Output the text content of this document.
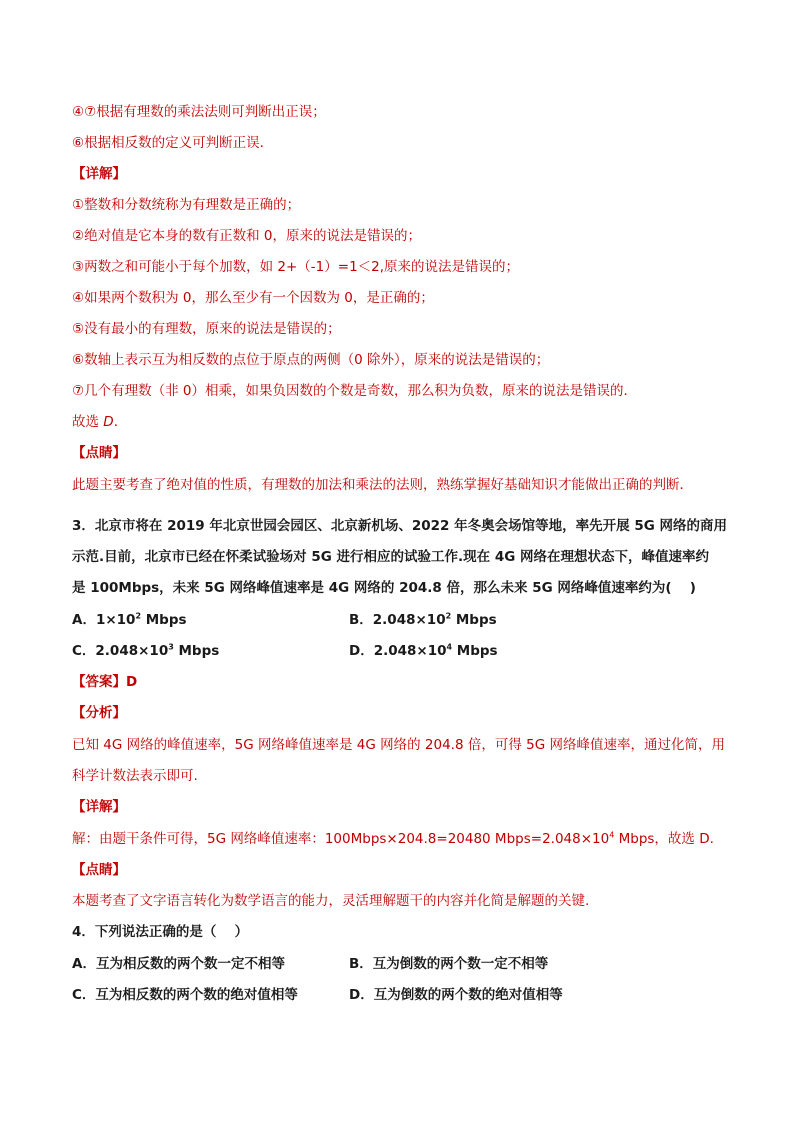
④⑦根据有理数的乘法法则可判断出正误；
⑥根据相反数的定义可判断正误．
【详解】
①整数和分数统称为有理数是正确的；
②绝对值是它本身的数有正数和 0，原来的说法是错误的；
③两数之和可能小于每个加数，如 2+（-1）=1＜2,原来的说法是错误的；
④如果两个数积为 0，那么至少有一个因数为 0，是正确的；
⑤没有最小的有理数，原来的说法是错误的；
⑥数轴上表示互为相反数的点位于原点的两侧（0 除外），原来的说法是错误的；
⑦几个有理数（非 0）相乘，如果负因数的个数是奇数，那么积为负数，原来的说法是错误的．
故选 D．
【点睛】
此题主要考查了绝对值的性质，有理数的加法和乘法的法则，熟练掌握好基础知识才能做出正确的判断．
3．北京市将在 2019 年北京世园会园区、北京新机场、2022 年冬奥会场馆等地，率先开展 5G 网络的商用
示范.目前，北京市已经在怀柔试验场对 5G 进行相应的试验工作.现在 4G 网络在理想状态下，峰值速率约
是 100Mbps，未来 5G 网络峰值速率是 4G 网络的 204.8 倍，那么未来 5G 网络峰值速率约为(　 )
A．$1\times 10^2$ Mbps	B．$2.048\times 10^2$ Mbps
C．$2.048\times 10^3$ Mbps	D．$2.048\times 10^4$ Mbps
【答案】D
【分析】
已知 4G 网络的峰值速率，5G 网络峰值速率是 4G 网络的 204.8 倍，可得 5G 网络峰值速率，通过化简，用
科学计数法表示即可.
【详解】
解：由题干条件可得，5G 网络峰值速率：100Mbps×204.8=20480 $Mbps=2.048\times 10^4$ Mbps，故选 D.
【点睛】
本题考查了文字语言转化为数学语言的能力，灵活理解题干的内容并化简是解题的关键.
4．下列说法正确的是（　 ）
A．互为相反数的两个数一定不相等	B．互为倒数的两个数一定不相等
C．互为相反数的两个数的绝对值相等	D．互为倒数的两个数的绝对值相等
